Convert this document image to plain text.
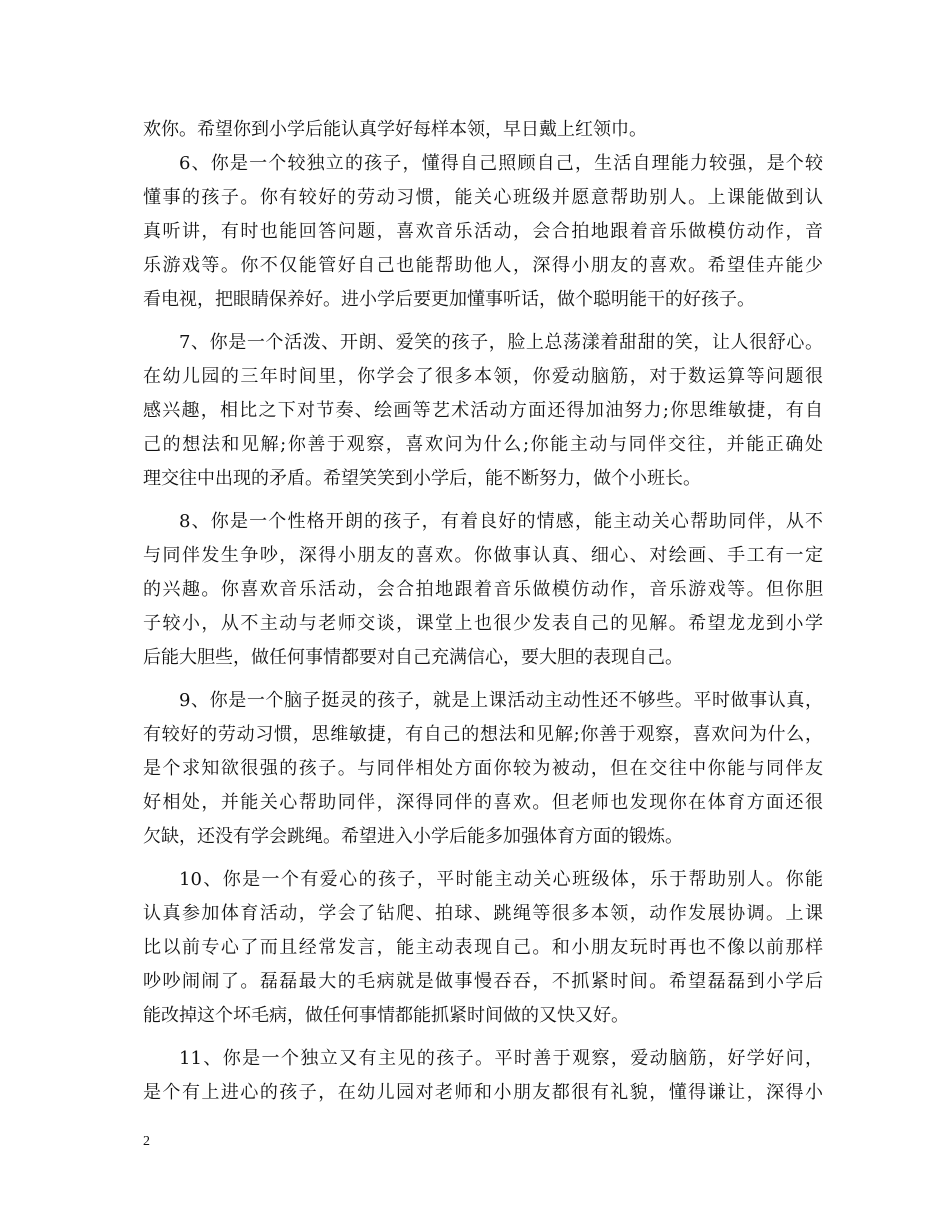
欢你。希望你到小学后能认真学好每样本领，早日戴上红领巾。
6、你是一个较独立的孩子，懂得自己照顾自己，生活自理能力较强，是个较
懂事的孩子。你有较好的劳动习惯，能关心班级并愿意帮助别人。上课能做到认
真听讲，有时也能回答问题，喜欢音乐活动，会合拍地跟着音乐做模仿动作，音
乐游戏等。你不仅能管好自己也能帮助他人，深得小朋友的喜欢。希望佳卉能少
看电视，把眼睛保养好。进小学后要更加懂事听话，做个聪明能干的好孩子。
7、你是一个活泼、开朗、爱笑的孩子，脸上总荡漾着甜甜的笑，让人很舒心。
在幼儿园的三年时间里，你学会了很多本领，你爱动脑筋，对于数运算等问题很
感兴趣，相比之下对节奏、绘画等艺术活动方面还得加油努力;你思维敏捷，有自
己的想法和见解;你善于观察，喜欢问为什么;你能主动与同伴交往，并能正确处
理交往中出现的矛盾。希望笑笑到小学后，能不断努力，做个小班长。
8、你是一个性格开朗的孩子，有着良好的情感，能主动关心帮助同伴，从不
与同伴发生争吵，深得小朋友的喜欢。你做事认真、细心、对绘画、手工有一定
的兴趣。你喜欢音乐活动，会合拍地跟着音乐做模仿动作，音乐游戏等。但你胆
子较小，从不主动与老师交谈，课堂上也很少发表自己的见解。希望龙龙到小学
后能大胆些，做任何事情都要对自己充满信心，要大胆的表现自己。
9、你是一个脑子挺灵的孩子，就是上课活动主动性还不够些。平时做事认真，
有较好的劳动习惯，思维敏捷，有自己的想法和见解;你善于观察，喜欢问为什么，
是个求知欲很强的孩子。与同伴相处方面你较为被动，但在交往中你能与同伴友
好相处，并能关心帮助同伴，深得同伴的喜欢。但老师也发现你在体育方面还很
欠缺，还没有学会跳绳。希望进入小学后能多加强体育方面的锻炼。
10、你是一个有爱心的孩子，平时能主动关心班级体，乐于帮助别人。你能
认真参加体育活动，学会了钻爬、拍球、跳绳等很多本领，动作发展协调。上课
比以前专心了而且经常发言，能主动表现自己。和小朋友玩时再也不像以前那样
吵吵闹闹了。磊磊最大的毛病就是做事慢吞吞，不抓紧时间。希望磊磊到小学后
能改掉这个坏毛病，做任何事情都能抓紧时间做的又快又好。
11、你是一个独立又有主见的孩子。平时善于观察，爱动脑筋，好学好问，
是个有上进心的孩子，在幼儿园对老师和小朋友都很有礼貌，懂得谦让，深得小
2
